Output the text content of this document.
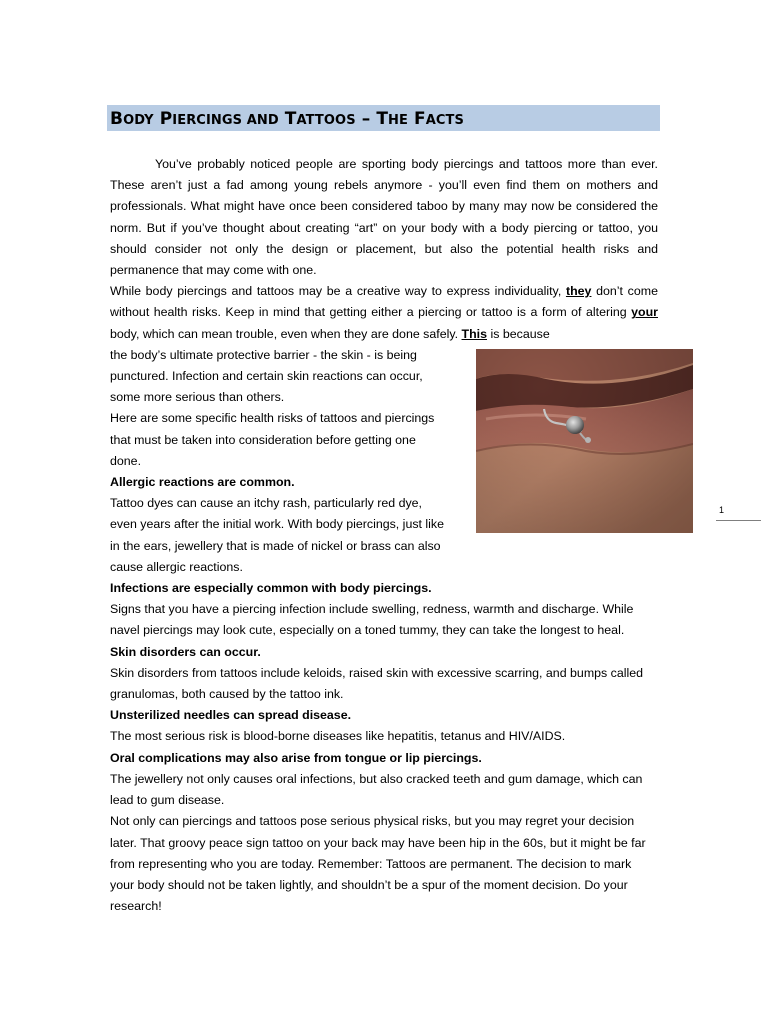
BODY PIERCINGS AND TATTOOS – THE FACTS

You’ve probably noticed people are sporting body piercings and tattoos more than ever. These aren’t just a fad among young rebels anymore - you’ll even find them on mothers and professionals. What might have once been considered taboo by many may now be considered the norm. But if you’ve thought about creating “art” on your body with a body piercing or tattoo, you should consider not only the design or placement, but also the potential health risks and permanence that may come with one.

While body piercings and tattoos may be a creative way to express individuality, they don’t come without health risks. Keep in mind that getting either a piercing or tattoo is a form of altering your body, which can mean trouble, even when they are done safely. This is because

the body’s ultimate protective barrier - the skin - is being punctured. Infection and certain skin reactions can occur, some more serious than others.

Here are some specific health risks of tattoos and piercings that must be taken into consideration before getting one done.

Allergic reactions are common.

Tattoo dyes can cause an itchy rash, particularly red dye, even years after the initial work. With body piercings, just like in the ears, jewellery that is made of nickel or brass can also cause allergic reactions.

Infections are especially common with body piercings.

Signs that you have a piercing infection include swelling, redness, warmth and discharge. While navel piercings may look cute, especially on a toned tummy, they can take the longest to heal.

Skin disorders can occur.

Skin disorders from tattoos include keloids, raised skin with excessive scarring, and bumps called granulomas, both caused by the tattoo ink.

Unsterilized needles can spread disease.

The most serious risk is blood-borne diseases like hepatitis, tetanus and HIV/AIDS.

Oral complications may also arise from tongue or lip piercings.

The jewellery not only causes oral infections, but also cracked teeth and gum damage, which can lead to gum disease.

Not only can piercings and tattoos pose serious physical risks, but you may regret your decision later. That groovy peace sign tattoo on your back may have been hip in the 60s, but it might be far from representing who you are today. Remember: Tattoos are permanent. The decision to mark your body should not be taken lightly, and shouldn’t be a spur of the moment decision. Do your research!

1
